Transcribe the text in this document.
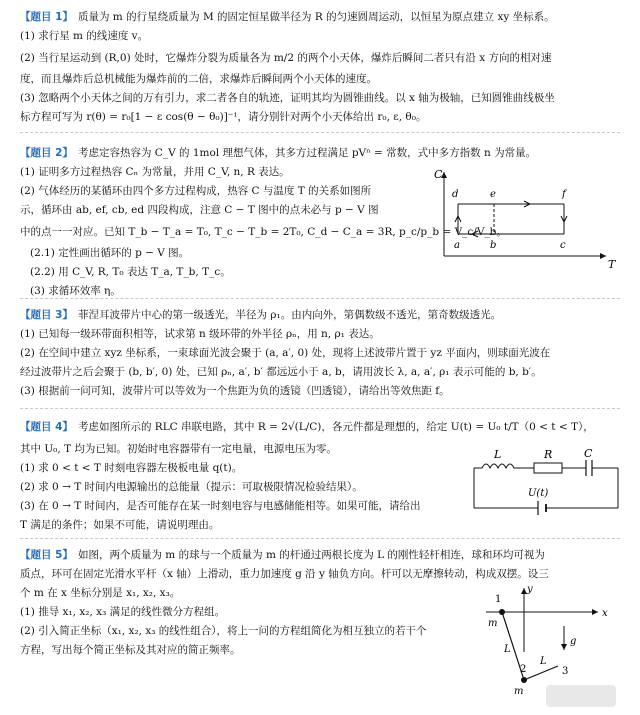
【题目 1】 质量为 m 的行星绕质量为 M 的固定恒星做半径为 R 的匀速圆周运动，以恒星为原点建立 xy 坐标系。
(1) 求行星 m 的线速度 v。
(2) 当行星运动到 (R,0) 处时，它爆炸分裂为质量各为 m/2 的两个小天体，爆炸后瞬间二者只有沿 x 方向的相对速
度，而且爆炸后总机械能为爆炸前的二倍，求爆炸后瞬间两个小天体的速度。
(3) 忽略两个小天体之间的万有引力，求二者各自的轨迹，证明其均为圆锥曲线。以 x 轴为极轴，已知圆锥曲线极坐
标方程可写为 r(θ) = r₀[1 − ε cos(θ − θ₀)]⁻¹，请分别针对两个小天体给出 r₀, ε, θ₀。
【题目 2】 考虑定容热容为 C_V 的 1mol 理想气体，其多方过程满足 pVⁿ = 常数，式中多方指数 n 为常量。
(1) 证明多方过程热容 Cₙ 为常量，并用 C_V, n, R 表达。
(2) 气体经历的某循环由四个多方过程构成，热容 C 与温度 T 的关系如图所
示，循环由 ab, ef, cb, ed 四段构成，注意 C − T 图中的点未必与 p − V 图
中的点一一对应。已知 T_b − T_a = T₀, T_c − T_b = 2T₀, C_d − C_a = 3R, p_c/p_b = V_c/V_b。
(2.1) 定性画出循环的 p − V 图。
(2.2) 用 C_V, R, T₀ 表达 T_a, T_b, T_c。
(3) 求循环效率 η。
C
T
d	e	f
a	b	c
【题目 3】 菲涅耳波带片中心的第一级透光，半径为 ρ₁。由内向外，第偶数级不透光，第奇数级透光。
(1) 已知每一级环带面积相等，试求第 n 级环带的外半径 ρₙ，用 n, ρ₁ 表达。
(2) 在空间中建立 xyz 坐标系，一束球面光波会聚于 (a, a′, 0) 处，现将上述波带片置于 yz 平面内，则球面光波在
经过波带片之后会聚于 (b, b′, 0) 处，已知 ρₙ, a′, b′ 都远远小于 a, b，请用波长 λ, a, a′, ρ₁ 表示可能的 b, b′。
(3) 根据前一问可知，波带片可以等效为一个焦距为负的透镜（凹透镜），请给出等效焦距 f。
【题目 4】 考虑如图所示的 RLC 串联电路，其中 R = 2√(L/C)，各元件都是理想的，给定 U(t) = U₀ t/T（0 < t < T），
其中 U₀, T 均为已知。初始时电容器带有一定电量，电源电压为零。
(1) 求 0 < t < T 时刻电容器左极板电量 q(t)。
(2) 求 0 → T 时间内电源输出的总能量（提示：可取极限情况检验结果）。
(3) 在 0 → T 时间内，是否可能存在某一时刻电容与电感储能相等。如果可能，请给出
T 满足的条件；如果不可能，请说明理由。
L	R	C
U(t)
【题目 5】 如图，两个质量为 m 的球与一个质量为 m 的杆通过两根长度为 L 的刚性轻杆相连，球和环均可视为
质点，环可在固定光滑水平杆（x 轴）上滑动，重力加速度 g 沿 y 轴负方向。杆可以无摩擦转动，构成双摆。设三
个 m 在 x 坐标分别是 x₁, x₂, x₃。
(1) 推导 x₁, x₂, x₃ 满足的线性微分方程组。
(2) 引入简正坐标（x₁, x₂, x₃ 的线性组合），将上一问的方程组简化为相互独立的若干个
方程，写出每个简正坐标及其对应的简正频率。
y
x
1
m
L
2
m
L
3
g
